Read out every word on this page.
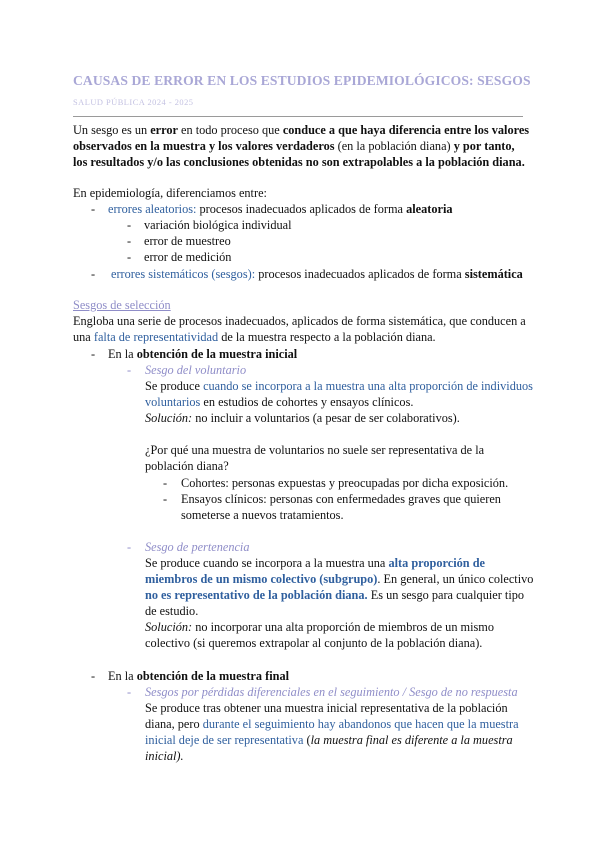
CAUSAS DE ERROR EN LOS ESTUDIOS EPIDEMIOLÓGICOS: SESGOS
SALUD PÚBLICA 2024 - 2025
Un sesgo es un error en todo proceso que conduce a que haya diferencia entre los valores
observados en la muestra y los valores verdaderos (en la población diana) y por tanto,
los resultados y/o las conclusiones obtenidas no son extrapolables a la población diana.
En epidemiología, diferenciamos entre:
- errores aleatorios: procesos inadecuados aplicados de forma aleatoria
- variación biológica individual
- error de muestreo
- error de medición
- errores sistemáticos (sesgos): procesos inadecuados aplicados de forma sistemática
Sesgos de selección
Engloba una serie de procesos inadecuados, aplicados de forma sistemática, que conducen a
una falta de representatividad de la muestra respecto a la población diana.
- En la obtención de la muestra inicial
- Sesgo del voluntario
Se produce cuando se incorpora a la muestra una alta proporción de individuos
voluntarios en estudios de cohortes y ensayos clínicos.
Solución: no incluir a voluntarios (a pesar de ser colaborativos).
¿Por qué una muestra de voluntarios no suele ser representativa de la
población diana?
- Cohortes: personas expuestas y preocupadas por dicha exposición.
- Ensayos clínicos: personas con enfermedades graves que quieren
someterse a nuevos tratamientos.
- Sesgo de pertenencia
Se produce cuando se incorpora a la muestra una alta proporción de
miembros de un mismo colectivo (subgrupo). En general, un único colectivo
no es representativo de la población diana. Es un sesgo para cualquier tipo
de estudio.
Solución: no incorporar una alta proporción de miembros de un mismo
colectivo (si queremos extrapolar al conjunto de la población diana).
- En la obtención de la muestra final
- Sesgos por pérdidas diferenciales en el seguimiento / Sesgo de no respuesta
Se produce tras obtener una muestra inicial representativa de la población
diana, pero durante el seguimiento hay abandonos que hacen que la muestra
inicial deje de ser representativa (la muestra final es diferente a la muestra
inicial).
